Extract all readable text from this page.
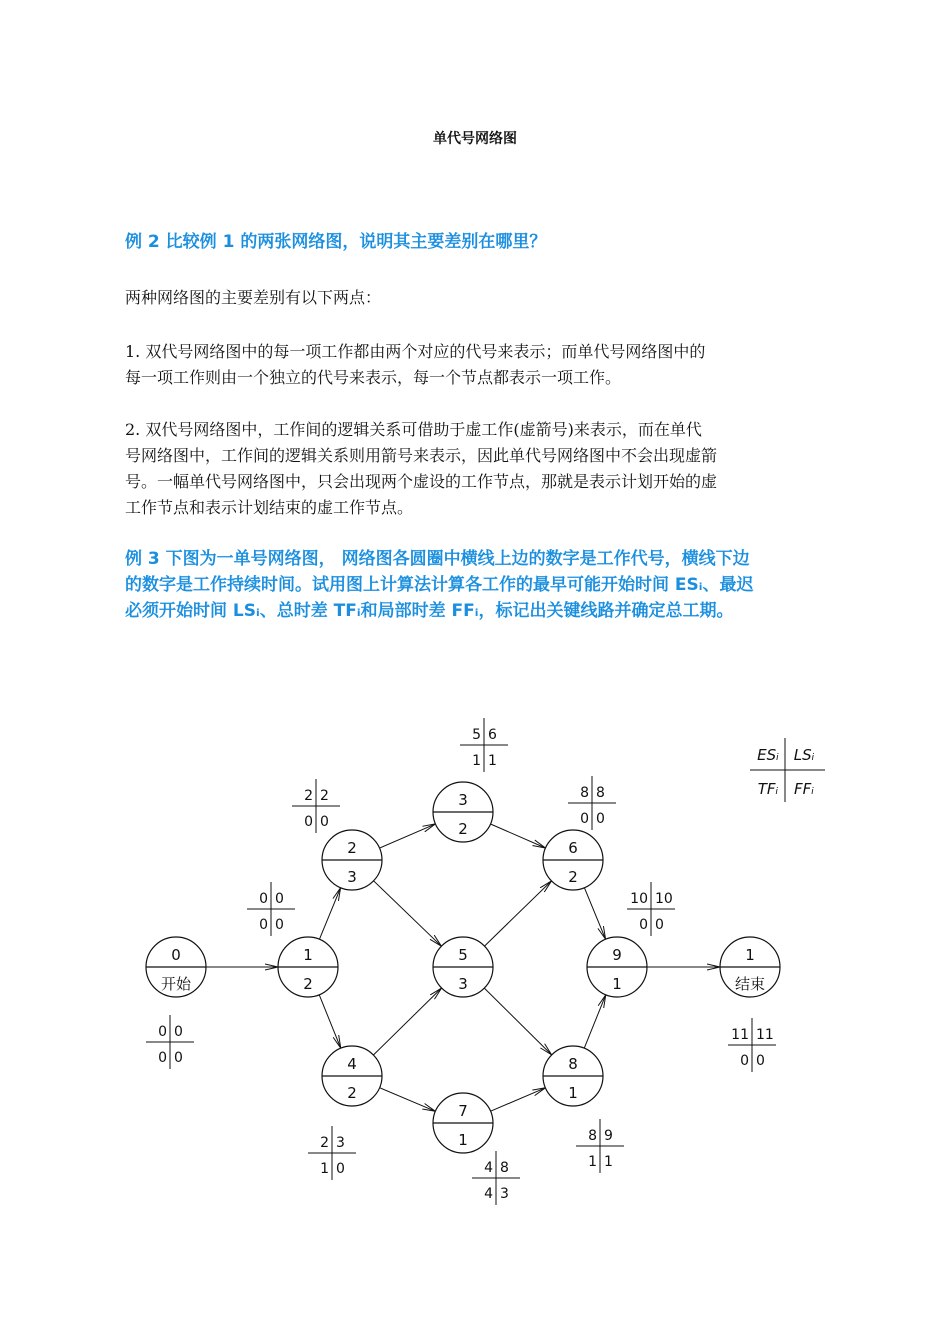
单代号网络图
例 2 比较例 1 的两张网络图，说明其主要差别在哪里？
两种网络图的主要差别有以下两点：
1. 双代号网络图中的每一项工作都由两个对应的代号来表示；而单代号网络图中的
每一项工作则由一个独立的代号来表示，每一个节点都表示一项工作。
2. 双代号网络图中，工作间的逻辑关系可借助于虚工作(虚箭号)来表示，而在单代
号网络图中，工作间的逻辑关系则用箭号来表示，因此单代号网络图中不会出现虚箭
号。一幅单代号网络图中，只会出现两个虚设的工作节点，那就是表示计划开始的虚
工作节点和表示计划结束的虚工作节点。
例 3 下图为一单号网络图， 网络图各圆圈中横线上边的数字是工作代号，横线下边
的数字是工作持续时间。试用图上计算法计算各工作的最早可能开始时间 ESᵢ、最迟
必须开始时间 LSᵢ、总时差 TFᵢ和局部时差 FFᵢ，标记出关键线路并确定总工期。
ESᵢ LSᵢ
TFᵢ FFᵢ
0
开始
1
2
2
3
3
2
4
2
5
3
6
2
7
1
8
1
9
1
1
结束
0 0
0 0
0 0
0 0
2 2
0 0
5 6
1 1
2 3
1 0
8 8
0 0
4 8
4 3
8 9
1 1
10 10
0 0
11 11
0 0
